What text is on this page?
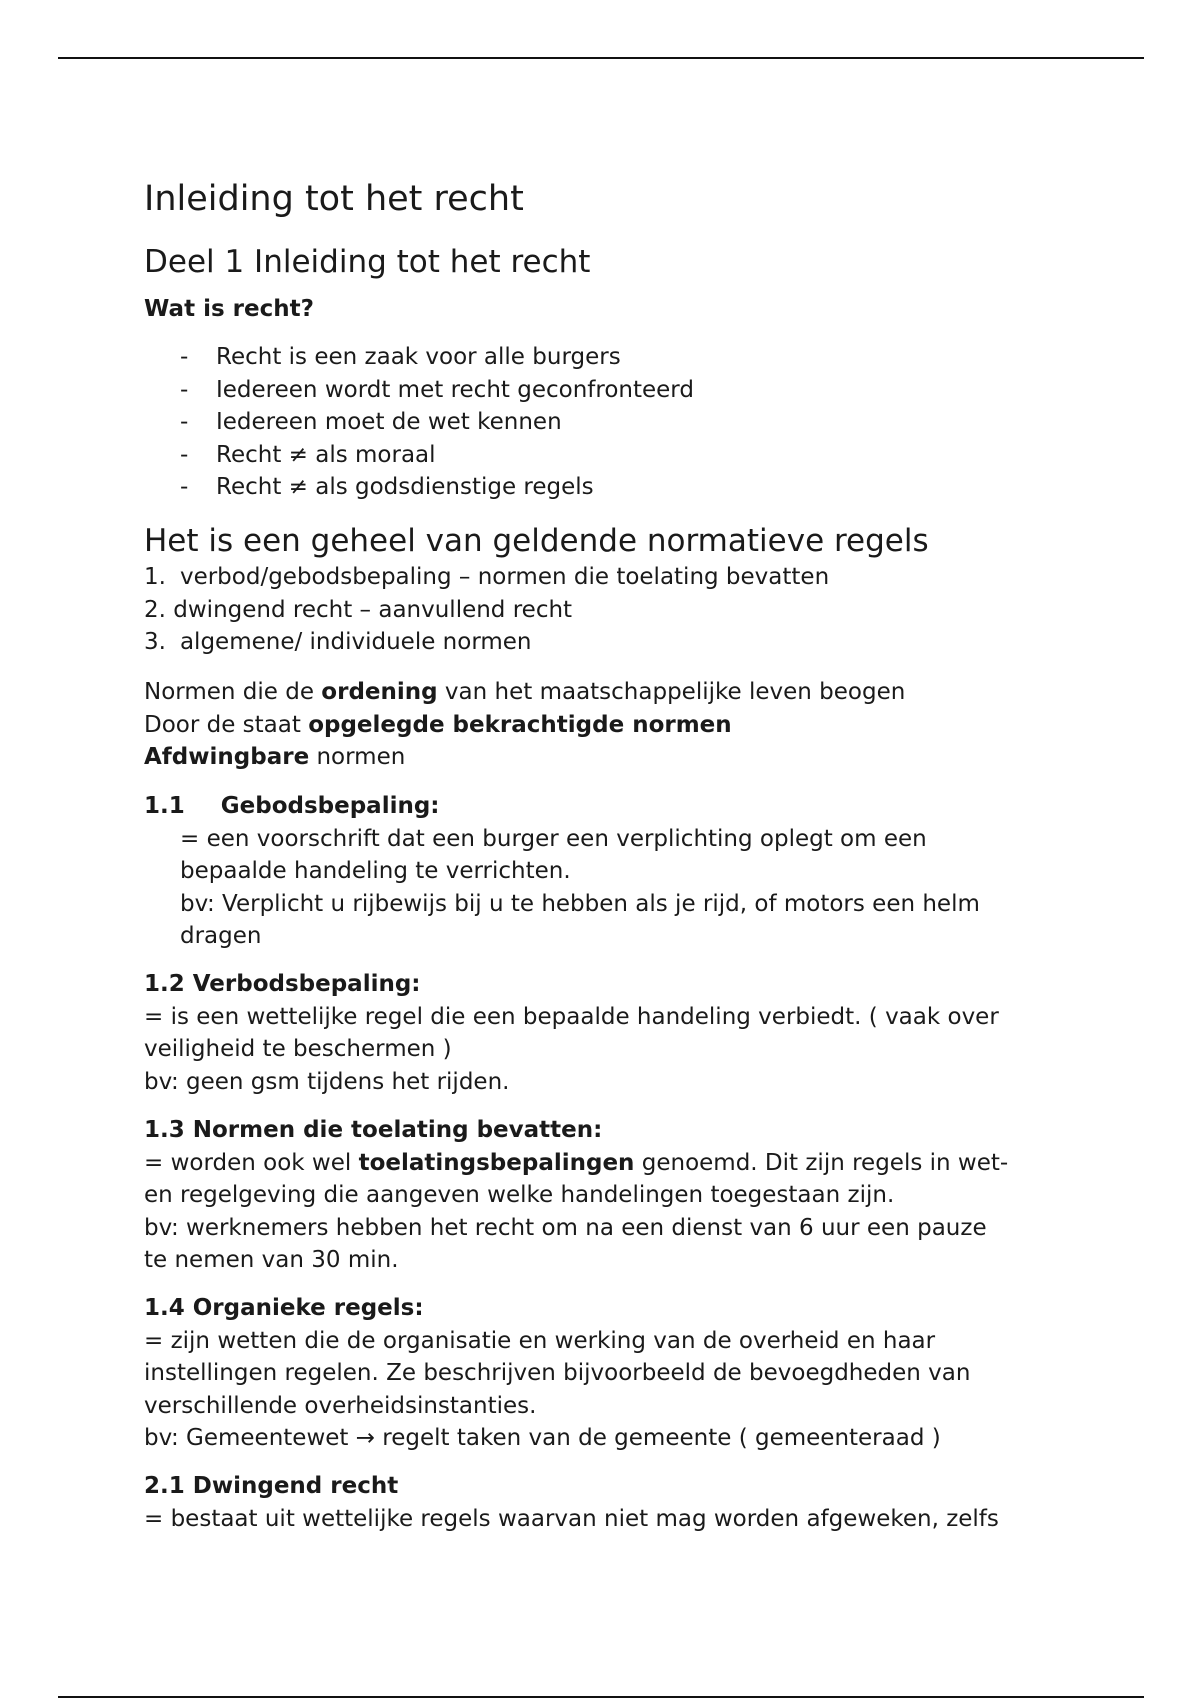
Inleiding tot het recht
Deel 1 Inleiding tot het recht
Wat is recht?
- Recht is een zaak voor alle burgers
- Iedereen wordt met recht geconfronteerd
- Iedereen moet de wet kennen
- Recht ≠ als moraal
- Recht ≠ als godsdienstige regels
Het is een geheel van geldende normatieve regels
1. verbod/gebodsbepaling – normen die toelating bevatten
2. dwingend recht – aanvullend recht
3. algemene/ individuele normen
Normen die de ordening van het maatschappelijke leven beogen
Door de staat opgelegde bekrachtigde normen
Afdwingbare normen
1.1 Gebodsbepaling:
= een voorschrift dat een burger een verplichting oplegt om een
bepaalde handeling te verrichten.
bv: Verplicht u rijbewijs bij u te hebben als je rijd, of motors een helm
dragen
1.2 Verbodsbepaling:
= is een wettelijke regel die een bepaalde handeling verbiedt. ( vaak over
veiligheid te beschermen )
bv: geen gsm tijdens het rijden.
1.3 Normen die toelating bevatten:
= worden ook wel toelatingsbepalingen genoemd. Dit zijn regels in wet-
en regelgeving die aangeven welke handelingen toegestaan zijn.
bv: werknemers hebben het recht om na een dienst van 6 uur een pauze
te nemen van 30 min.
1.4 Organieke regels:
= zijn wetten die de organisatie en werking van de overheid en haar
instellingen regelen. Ze beschrijven bijvoorbeeld de bevoegdheden van
verschillende overheidsinstanties.
bv: Gemeentewet → regelt taken van de gemeente ( gemeenteraad )
2.1 Dwingend recht
= bestaat uit wettelijke regels waarvan niet mag worden afgeweken, zelfs
